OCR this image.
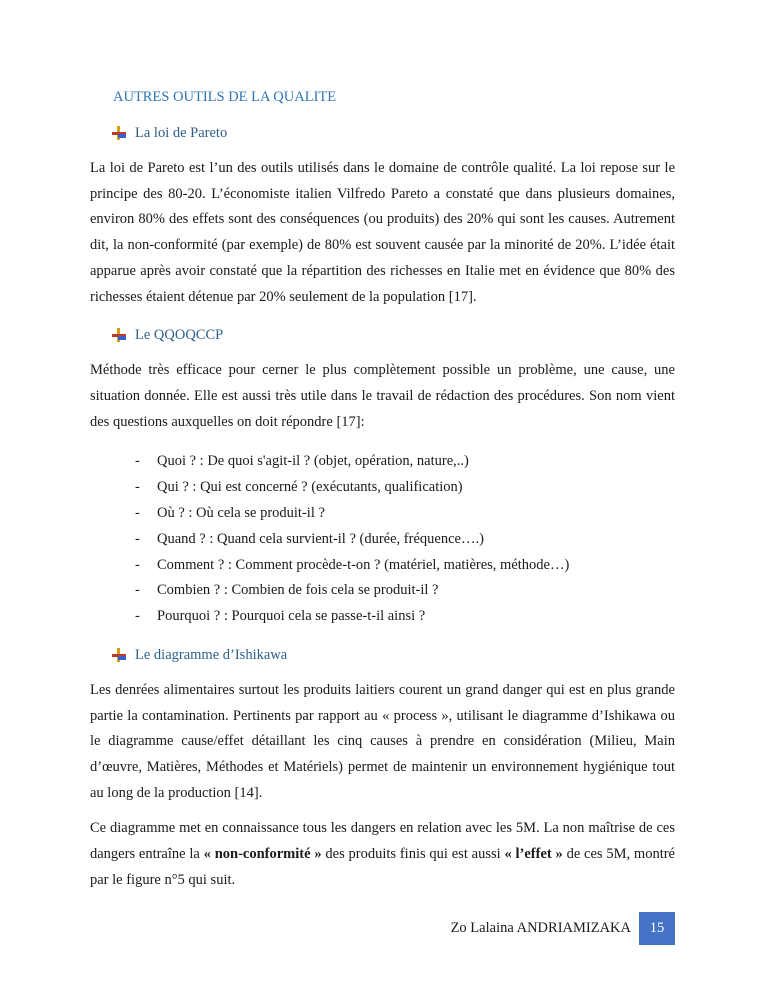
AUTRES OUTILS DE LA QUALITE
La loi de Pareto

La loi de Pareto est l’un des outils utilisés dans le domaine de contrôle qualité. La loi repose sur le principe des 80-20. L’économiste italien Vilfredo Pareto a constaté que dans plusieurs domaines, environ 80% des effets sont des conséquences (ou produits) des 20% qui sont les causes. Autrement dit, la non-conformité (par exemple) de 80% est souvent causée par la minorité de 20%. L’idée était apparue après avoir constaté que la répartition des richesses en Italie met en évidence que 80% des richesses étaient détenue par 20% seulement de la population [17].

Le QQOQCCP

Méthode très efficace pour cerner le plus complètement possible un problème, une cause, une situation donnée. Elle est aussi très utile dans le travail de rédaction des procédures. Son nom vient des questions auxquelles on doit répondre [17]:

-	Quoi ? : De quoi s'agit-il ? (objet, opération, nature,..)
-	Qui ? : Qui est concerné ? (exécutants, qualification)
-	Où ? : Où cela se produit-il ?
-	Quand ? : Quand cela survient-il ? (durée, fréquence….)
-	Comment ? : Comment procède-t-on ? (matériel, matières, méthode…)
-	Combien ? : Combien de fois cela se produit-il ?
-	Pourquoi ? : Pourquoi cela se passe-t-il ainsi ?
Le diagramme d’Ishikawa

Les denrées alimentaires surtout les produits laitiers courent un grand danger qui est en plus grande partie la contamination. Pertinents par rapport au « process », utilisant le diagramme d’Ishikawa ou le diagramme cause/effet détaillant les cinq causes à prendre en considération (Milieu, Main d’œuvre, Matières, Méthodes et Matériels) permet de maintenir un environnement hygiénique tout au long de la production [14].

Ce diagramme met en connaissance tous les dangers en relation avec les 5M. La non maîtrise de ces dangers entraîne la « non-conformité » des produits finis qui est aussi « l’effet » de ces 5M, montré par le figure n°5 qui suit.

Zo Lalaina ANDRIAMIZAKA	15
